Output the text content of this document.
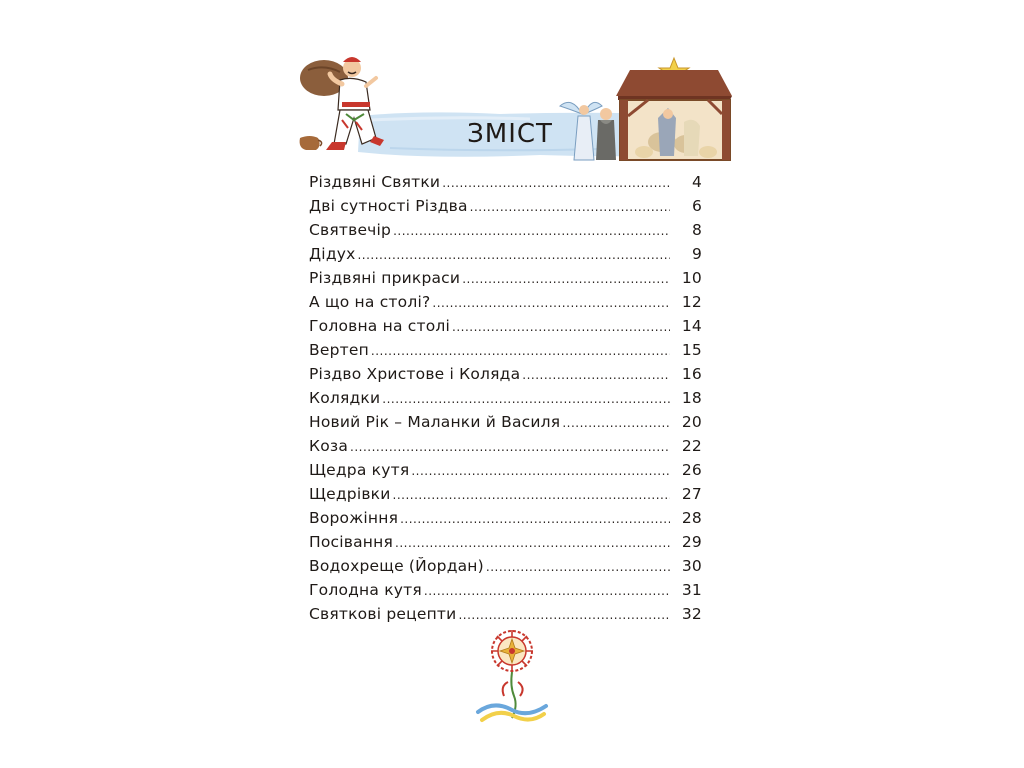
ЗМІСТ
Різдвяні Святки .....	4
Дві сутності Різдва .....	6
Святвечір .....	8
Дідух .....	9
Різдвяні прикраси .....	10
А що на столі? .....	12
Головна на столі .....	14
Вертеп .....	15
Різдво Христове і Коляда .....	16
Колядки .....	18
Новий Рік – Маланки й Василя .....	20
Коза .....	22
Щедра кутя .....	26
Щедрівки .....	27
Ворожіння .....	28
Посівання .....	29
Водохреще (Йордан) .....	30
Голодна кутя .....	31
Святкові рецепти .....	32
